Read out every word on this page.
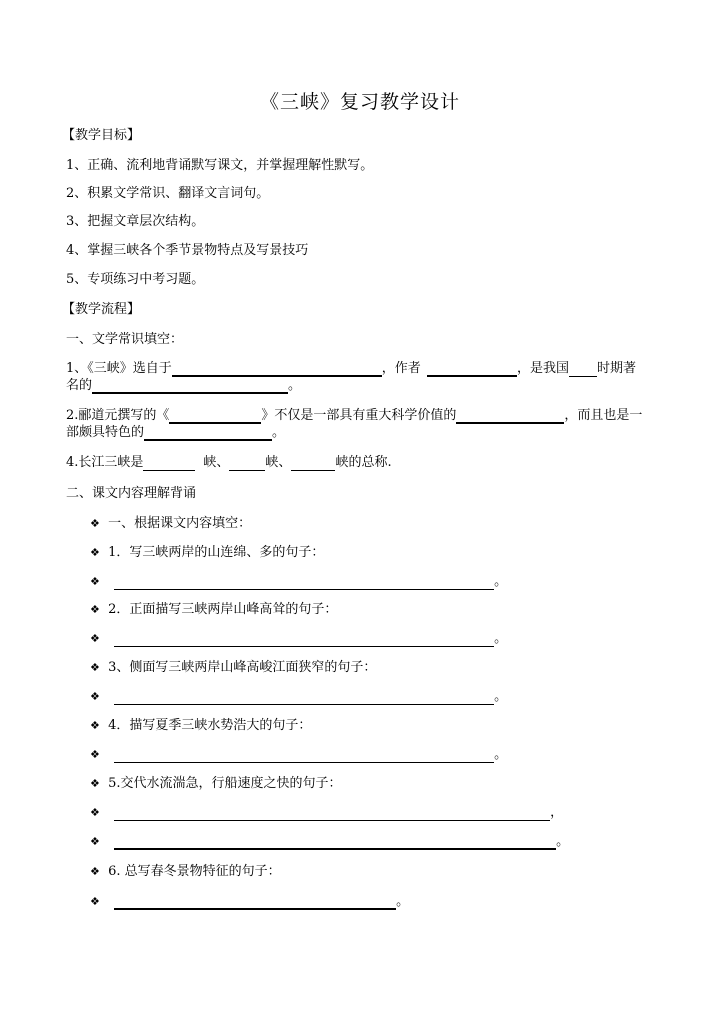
《三峡》复习教学设计
【教学目标】
1、正确、流利地背诵默写课文，并掌握理解性默写。
2、积累文学常识、翻译文言词句。
3、把握文章层次结构。
4、掌握三峡各个季节景物特点及写景技巧
5、专项练习中考习题。
【教学流程】
一、文学常识填空：
1、《三峡》选自于	，作者	，是我国 时期著
名的	。
2.郦道元撰写的《	》不仅是一部具有重大科学价值的	，而且也是一
部颇具特色的	。
4.长江三峡是	峡、	峡、	峡的总称.
二、课文内容理解背诵
❖ 一、根据课文内容填空：
❖ 1．写三峡两岸的山连绵、多的句子：
❖	。
❖ 2．正面描写三峡两岸山峰高耸的句子：
❖	。
❖ 3、侧面写三峡两岸山峰高峻江面狭窄的句子：
❖	。
❖ 4．描写夏季三峡水势浩大的句子：
❖	。
❖ 5.交代水流湍急，行船速度之快的句子：
❖	，
❖	。
❖ 6. 总写春冬景物特征的句子：
❖	。
